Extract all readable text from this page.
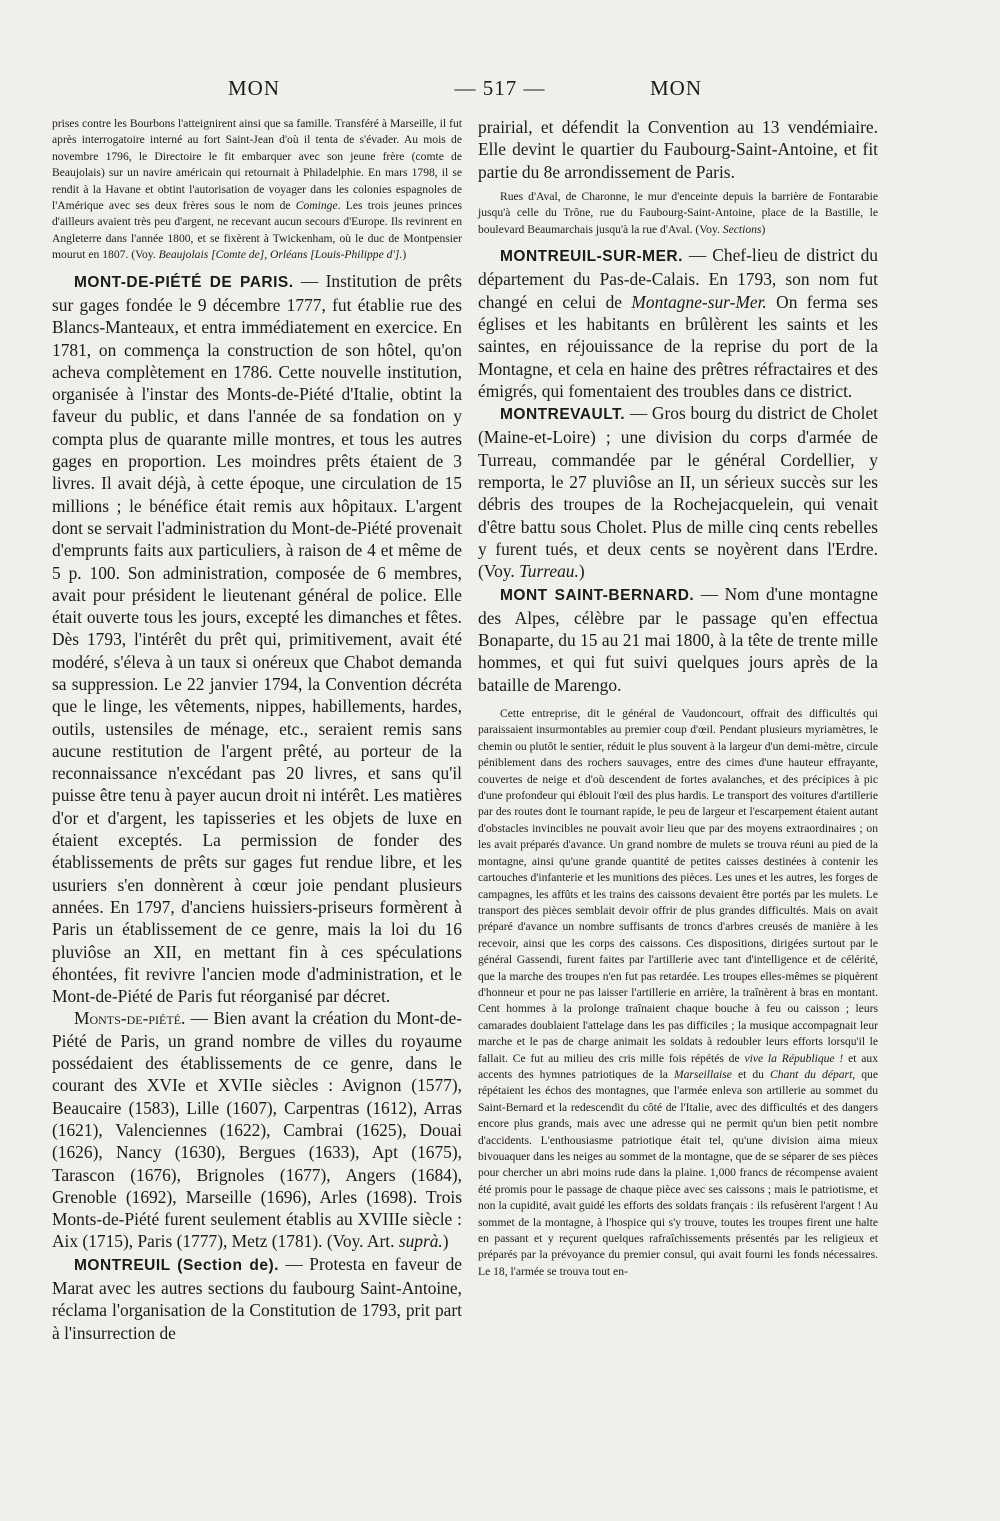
— 517 —
MON	MON

prises contre les Bourbons l'atteignirent ainsi que sa famille. Transféré à Marseille, il fut après interrogatoire interné au fort Saint-Jean d'où il tenta de s'évader. Au mois de novembre 1796, le Directoire le fit embarquer avec son jeune frère (comte de Beaujolais) sur un navire américain qui retournait à Philadelphie. En mars 1798, il se rendit à la Havane et obtint l'autorisation de voyager dans les colonies espagnoles de l'Amérique avec ses deux frères sous le nom de Cominge. Les trois jeunes princes d'ailleurs avaient très peu d'argent, ne recevant aucun secours d'Europe. Ils revinrent en Angleterre dans l'année 1800, et se fixèrent à Twickenham, où le duc de Montpensier mourut en 1807. (Voy. Beaujolais [Comte de], Orléans [Louis-Philippe d'].)

MONT-DE-PIÉTÉ DE PARIS. — Institution de prêts sur gages fondée le 9 décembre 1777, fut établie rue des Blancs-Manteaux, et entra immédiatement en exercice. En 1781, on commença la construction de son hôtel, qu'on acheva complètement en 1786. Cette nouvelle institution, organisée à l'instar des Monts-de-Piété d'Italie, obtint la faveur du public, et dans l'année de sa fondation on y compta plus de quarante mille montres, et tous les autres gages en proportion. Les moindres prêts étaient de 3 livres. Il avait déjà, à cette époque, une circulation de 15 millions ; le bénéfice était remis aux hôpitaux. L'argent dont se servait l'administration du Mont-de-Piété provenait d'emprunts faits aux particuliers, à raison de 4 et même de 5 p. 100. Son administration, composée de 6 membres, avait pour président le lieutenant général de police. Elle était ouverte tous les jours, excepté les dimanches et fêtes. Dès 1793, l'intérêt du prêt qui, primitivement, avait été modéré, s'éleva à un taux si onéreux que Chabot demanda sa suppression. Le 22 janvier 1794, la Convention décréta que le linge, les vêtements, nippes, habillements, hardes, outils, ustensiles de ménage, etc., seraient remis sans aucune restitution de l'argent prêté, au porteur de la reconnaissance n'excédant pas 20 livres, et sans qu'il puisse être tenu à payer aucun droit ni intérêt. Les matières d'or et d'argent, les tapisseries et les objets de luxe en étaient exceptés. La permission de fonder des établissements de prêts sur gages fut rendue libre, et les usuriers s'en donnèrent à cœur joie pendant plusieurs années. En 1797, d'anciens huissiers-priseurs formèrent à Paris un établissement de ce genre, mais la loi du 16 pluviôse an XII, en mettant fin à ces spéculations éhontées, fit revivre l'ancien mode d'administration, et le Mont-de-Piété de Paris fut réorganisé par décret.

Monts-de-piété. — Bien avant la création du Mont-de-Piété de Paris, un grand nombre de villes du royaume possédaient des établissements de ce genre, dans le courant des XVIe et XVIIe siècles : Avignon (1577), Beaucaire (1583), Lille (1607), Carpentras (1612), Arras (1621), Valenciennes (1622), Cambrai (1625), Douai (1626), Nancy (1630), Bergues (1633), Apt (1675), Tarascon (1676), Brignoles (1677), Angers (1684), Grenoble (1692), Marseille (1696), Arles (1698). Trois Monts-de-Piété furent seulement établis au XVIIIe siècle : Aix (1715), Paris (1777), Metz (1781). (Voy. Art. suprà.)

MONTREUIL (Section de). — Protesta en faveur de Marat avec les autres sections du faubourg Saint-Antoine, réclama l'organisation de la Constitution de 1793, prit part à l'insurrection de

prairial, et défendit la Convention au 13 vendémiaire. Elle devint le quartier du Faubourg-Saint-Antoine, et fit partie du 8e arrondissement de Paris.

Rues d'Aval, de Charonne, le mur d'enceinte depuis la barrière de Fontarabie jusqu'à celle du Trône, rue du Faubourg-Saint-Antoine, place de la Bastille, le boulevard Beaumarchais jusqu'à la rue d'Aval. (Voy. Sections)

MONTREUIL-SUR-MER. — Chef-lieu de district du département du Pas-de-Calais. En 1793, son nom fut changé en celui de Montagne-sur-Mer. On ferma ses églises et les habitants en brûlèrent les saints et les saintes, en réjouissance de la reprise du port de la Montagne, et cela en haine des prêtres réfractaires et des émigrés, qui fomentaient des troubles dans ce district.

MONTREVAULT. — Gros bourg du district de Cholet (Maine-et-Loire) ; une division du corps d'armée de Turreau, commandée par le général Cordellier, y remporta, le 27 pluviôse an II, un sérieux succès sur les débris des troupes de la Rochejacquelein, qui venait d'être battu sous Cholet. Plus de mille cinq cents rebelles y furent tués, et deux cents se noyèrent dans l'Erdre. (Voy. Turreau.)

MONT SAINT-BERNARD. — Nom d'une montagne des Alpes, célèbre par le passage qu'en effectua Bonaparte, du 15 au 21 mai 1800, à la tête de trente mille hommes, et qui fut suivi quelques jours après de la bataille de Marengo.

Cette entreprise, dit le général de Vaudoncourt, offrait des difficultés qui paraissaient insurmontables au premier coup d'œil. Pendant plusieurs myriamètres, le chemin ou plutôt le sentier, réduit le plus souvent à la largeur d'un demi-mètre, circule péniblement dans des rochers sauvages, entre des cimes d'une hauteur effrayante, couvertes de neige et d'où descendent de fortes avalanches, et des précipices à pic d'une profondeur qui éblouit l'œil des plus hardis. Le transport des voitures d'artillerie par des routes dont le tournant rapide, le peu de largeur et l'escarpement étaient autant d'obstacles invincibles ne pouvait avoir lieu que par des moyens extraordinaires ; on les avait préparés d'avance. Un grand nombre de mulets se trouva réuni au pied de la montagne, ainsi qu'une grande quantité de petites caisses destinées à contenir les cartouches d'infanterie et les munitions des pièces. Les unes et les autres, les forges de campagnes, les affûts et les trains des caissons devaient être portés par les mulets. Le transport des pièces semblait devoir offrir de plus grandes difficultés. Mais on avait préparé d'avance un nombre suffisants de troncs d'arbres creusés de manière à les recevoir, ainsi que les corps des caissons. Ces dispositions, dirigées surtout par le général Gassendi, furent faites par l'artillerie avec tant d'intelligence et de célérité, que la marche des troupes n'en fut pas retardée. Les troupes elles-mêmes se piquèrent d'honneur et pour ne pas laisser l'artillerie en arrière, la traînèrent à bras en montant. Cent hommes à la prolonge traînaient chaque bouche à feu ou caisson ; leurs camarades doublaient l'attelage dans les pas difficiles ; la musique accompagnait leur marche et le pas de charge animait les soldats à redoubler leurs efforts lorsqu'il le fallait. Ce fut au milieu des cris mille fois répétés de vive la République ! et aux accents des hymnes patriotiques de la Marseillaise et du Chant du départ, que répétaient les échos des montagnes, que l'armée enleva son artillerie au sommet du Saint-Bernard et la redescendit du côté de l'Italie, avec des difficultés et des dangers encore plus grands, mais avec une adresse qui ne permit qu'un bien petit nombre d'accidents. L'enthousiasme patriotique était tel, qu'une division aima mieux bivouaquer dans les neiges au sommet de la montagne, que de se séparer de ses pièces pour chercher un abri moins rude dans la plaine. 1,000 francs de récompense avaient été promis pour le passage de chaque pièce avec ses caissons ; mais le patriotisme, et non la cupidité, avait guidé les efforts des soldats français : ils refusèrent l'argent ! Au sommet de la montagne, à l'hospice qui s'y trouve, toutes les troupes firent une halte en passant et y reçurent quelques rafraîchissements présentés par les religieux et préparés par la prévoyance du premier consul, qui avait fourni les fonds nécessaires. Le 18, l'armée se trouva tout en-
